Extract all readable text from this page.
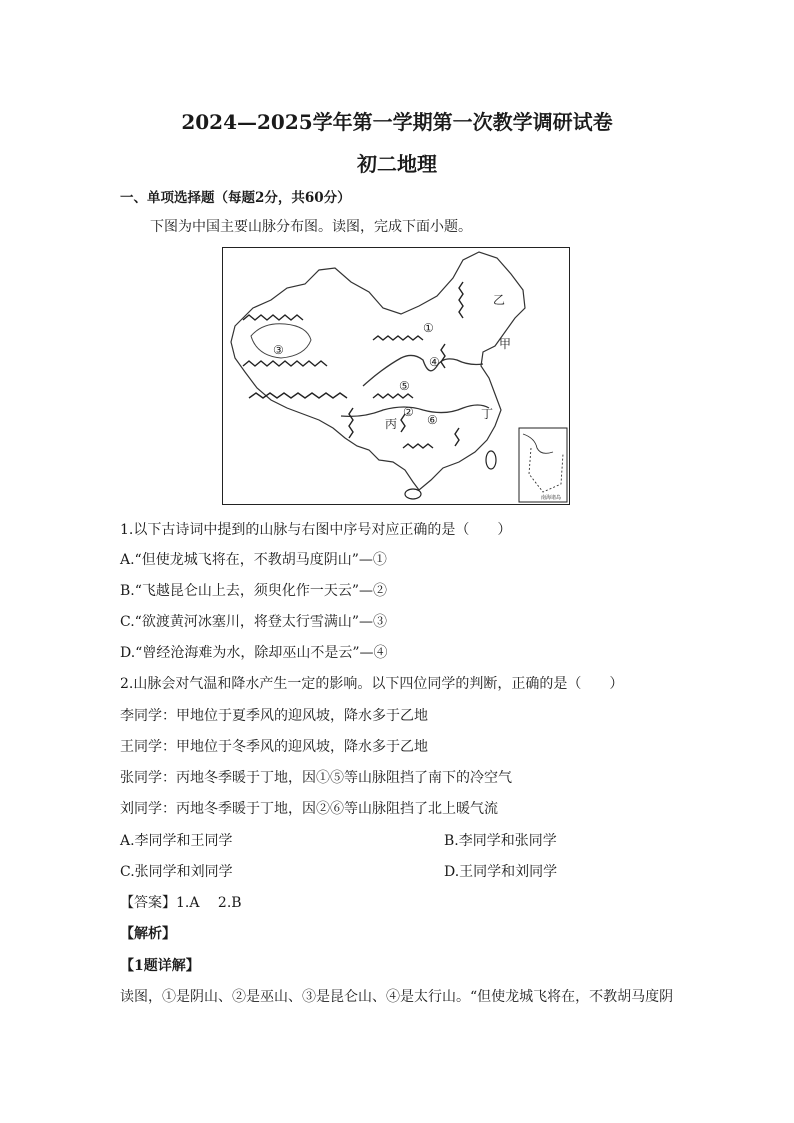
2024—2025学年第一学期第一次教学调研试卷
初二地理
一、单项选择题（每题2分，共60分）
下图为中国主要山脉分布图。读图，完成下面小题。
①
②
③
④
⑤
⑥
甲
乙
丙
丁
南海诸岛
1.以下古诗词中提到的山脉与右图中序号对应正确的是（　　）
A.“但使龙城飞将在，不教胡马度阴山”—①
B.“飞越昆仑山上去，须臾化作一天云”—②
C.“欲渡黄河冰塞川，将登太行雪满山”—③
D.“曾经沧海难为水，除却巫山不是云”—④
2.山脉会对气温和降水产生一定的影响。以下四位同学的判断，正确的是（　　）
李同学：甲地位于夏季风的迎风坡，降水多于乙地
王同学：甲地位于冬季风的迎风坡，降水多于乙地
张同学：丙地冬季暖于丁地，因①⑤等山脉阻挡了南下的冷空气
刘同学：丙地冬季暖于丁地，因②⑥等山脉阻挡了北上暖气流
A.李同学和王同学	B.李同学和张同学
C.张同学和刘同学	D.王同学和刘同学
【答案】1.A　 2.B
【解析】
【1题详解】
读图，①是阴山、②是巫山、③是昆仑山、④是太行山。“但使龙城飞将在，不教胡马度阴
